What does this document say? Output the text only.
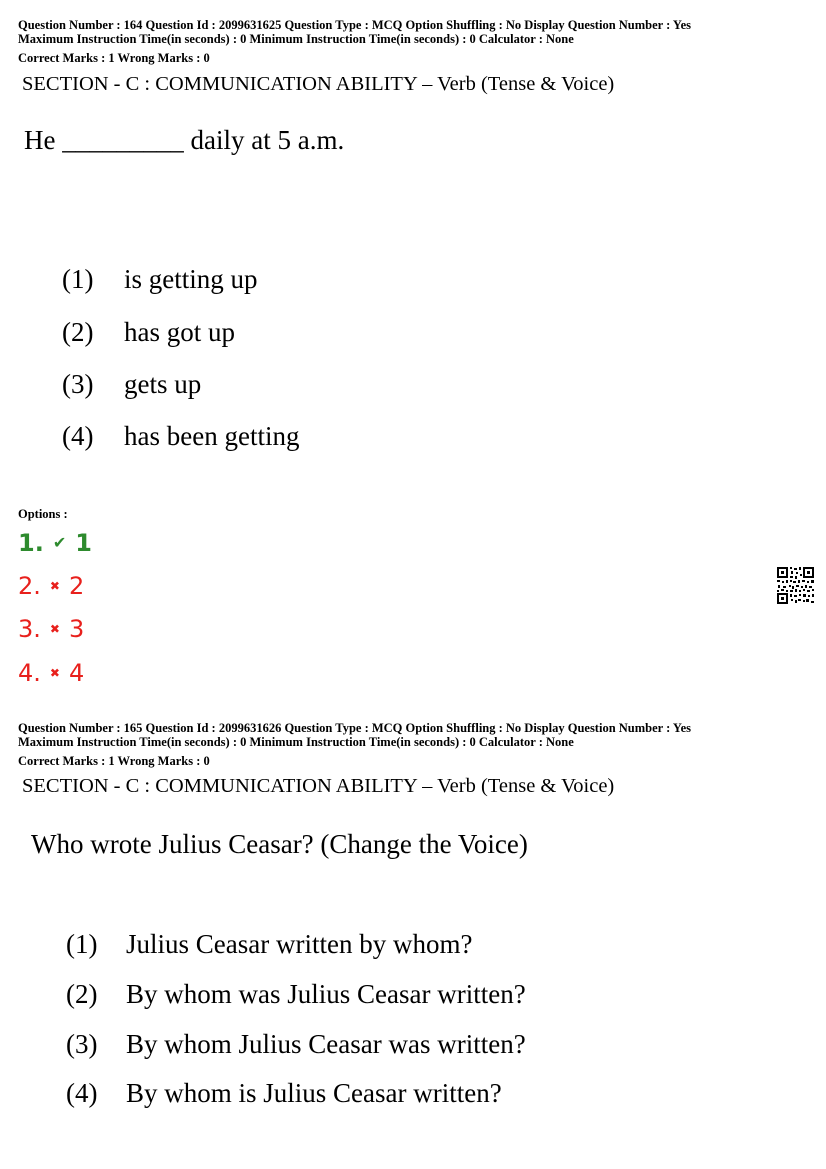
Question Number : 164 Question Id : 2099631625 Question Type : MCQ Option Shuffling : No Display Question Number : Yes
Maximum Instruction Time(in seconds) : 0 Minimum Instruction Time(in seconds) : 0 Calculator : None
Correct Marks : 1 Wrong Marks : 0
SECTION - C : COMMUNICATION ABILITY – Verb (Tense & Voice)
He _________ daily at 5 a.m.
(1) is getting up
(2) has got up
(3) gets up
(4) has been getting
Options :
1. ✔ 1
2. ✖ 2
3. ✖ 3
4. ✖ 4
Question Number : 165 Question Id : 2099631626 Question Type : MCQ Option Shuffling : No Display Question Number : Yes
Maximum Instruction Time(in seconds) : 0 Minimum Instruction Time(in seconds) : 0 Calculator : None
Correct Marks : 1 Wrong Marks : 0
SECTION - C : COMMUNICATION ABILITY – Verb (Tense & Voice)
Who wrote Julius Ceasar? (Change the Voice)
(1) Julius Ceasar written by whom?
(2) By whom was Julius Ceasar written?
(3) By whom Julius Ceasar was written?
(4) By whom is Julius Ceasar written?
